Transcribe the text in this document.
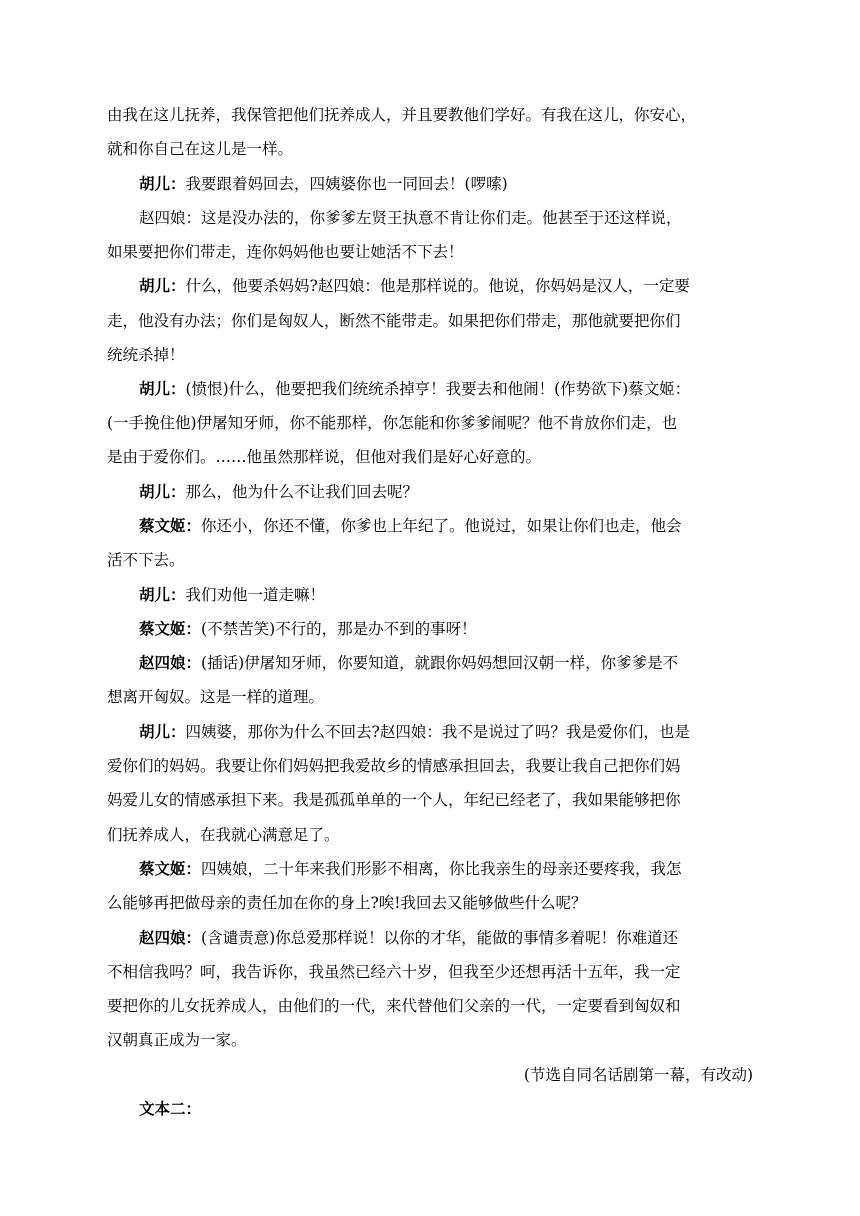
由我在这儿抚养，我保管把他们抚养成人，并且要教他们学好。有我在这儿，你安心，
就和你自己在这儿是一样。
胡儿：我要跟着妈回去，四姨婆你也一同回去！(啰嗦)
赵四娘：这是没办法的，你爹爹左贤王执意不肯让你们走。他甚至于还这样说，
如果要把你们带走，连你妈妈他也要让她活不下去！
胡儿：什么，他要杀妈妈?赵四娘：他是那样说的。他说，你妈妈是汉人，一定要
走，他没有办法；你们是匈奴人，断然不能带走。如果把你们带走，那他就要把你们
统统杀掉！
胡儿：(愤恨)什么，他要把我们统统杀掉亨！我要去和他闹！(作势欲下)蔡文姬：
(一手挽住他)伊屠知牙师，你不能那样，你怎能和你爹爹闹呢？他不肯放你们走，也
是由于爱你们。……他虽然那样说，但他对我们是好心好意的。
胡儿：那么，他为什么不让我们回去呢？
蔡文姬：你还小，你还不懂，你爹也上年纪了。他说过，如果让你们也走，他会
活不下去。
胡儿：我们劝他一道走嘛！
蔡文姬：(不禁苦笑)不行的，那是办不到的事呀！
赵四娘：(插话)伊屠知牙师，你要知道，就跟你妈妈想回汉朝一样，你爹爹是不
想离开匈奴。这是一样的道理。
胡儿：四姨婆，那你为什么不回去?赵四娘：我不是说过了吗？我是爱你们，也是
爱你们的妈妈。我要让你们妈妈把我爱故乡的情感承担回去，我要让我自己把你们妈
妈爱儿女的情感承担下来。我是孤孤单单的一个人，年纪已经老了，我如果能够把你
们抚养成人，在我就心满意足了。
蔡文姬：四姨娘，二十年来我们形影不相离，你比我亲生的母亲还要疼我，我怎
么能够再把做母亲的责任加在你的身上?唉!我回去又能够做些什么呢？
赵四娘：(含谴责意)你总爱那样说！以你的才华，能做的事情多着呢！你难道还
不相信我吗？呵，我告诉你，我虽然已经六十岁，但我至少还想再活十五年，我一定
要把你的儿女抚养成人，由他们的一代，来代替他们父亲的一代，一定要看到匈奴和
汉朝真正成为一家。
(节选自同名话剧第一幕，有改动)
文本二：
